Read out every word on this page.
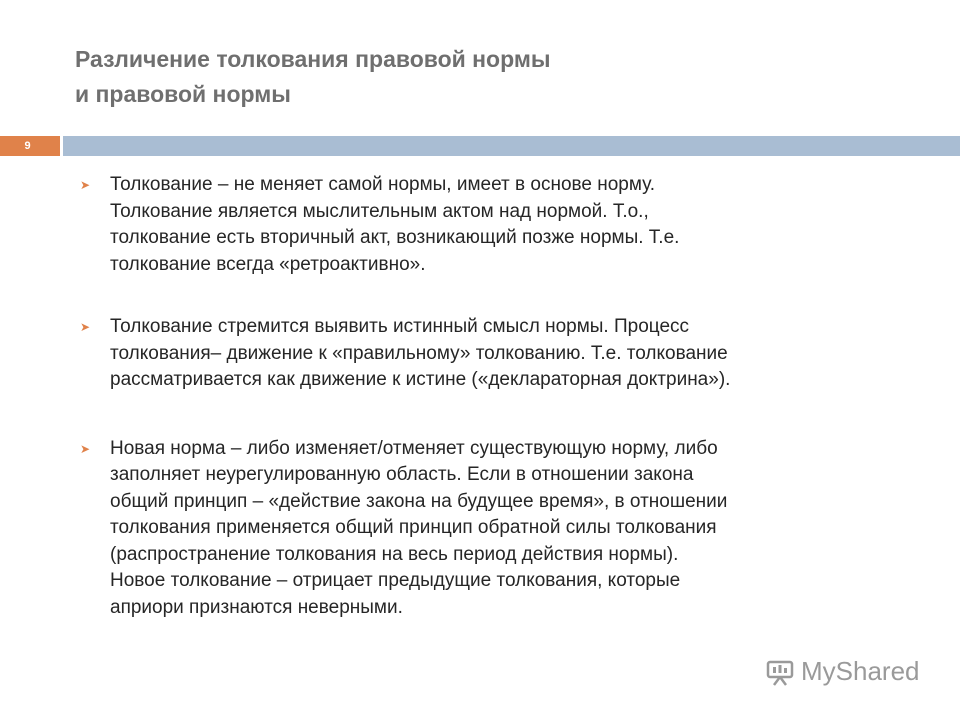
Различение толкования правовой нормы
и правовой нормы
9
➤ Толкование – не меняет самой нормы, имеет в основе норму.
Толкование является мыслительным актом над нормой. Т.о.,
толкование есть вторичный акт, возникающий позже нормы. Т.е.
толкование всегда «ретроактивно».
➤ Толкование стремится выявить истинный смысл нормы. Процесс
толкования– движение к «правильному» толкованию. Т.е. толкование
рассматривается как движение к истине («деклараторная доктрина»).
➤ Новая норма – либо изменяет/отменяет существующую норму, либо
заполняет неурегулированную область. Если в отношении закона
общий принцип – «действие закона на будущее время», в отношении
толкования применяется общий принцип обратной силы толкования
(распространение толкования на весь период действия нормы).
Новое толкование – отрицает предыдущие толкования, которые
априори признаются неверными.
MyShared
